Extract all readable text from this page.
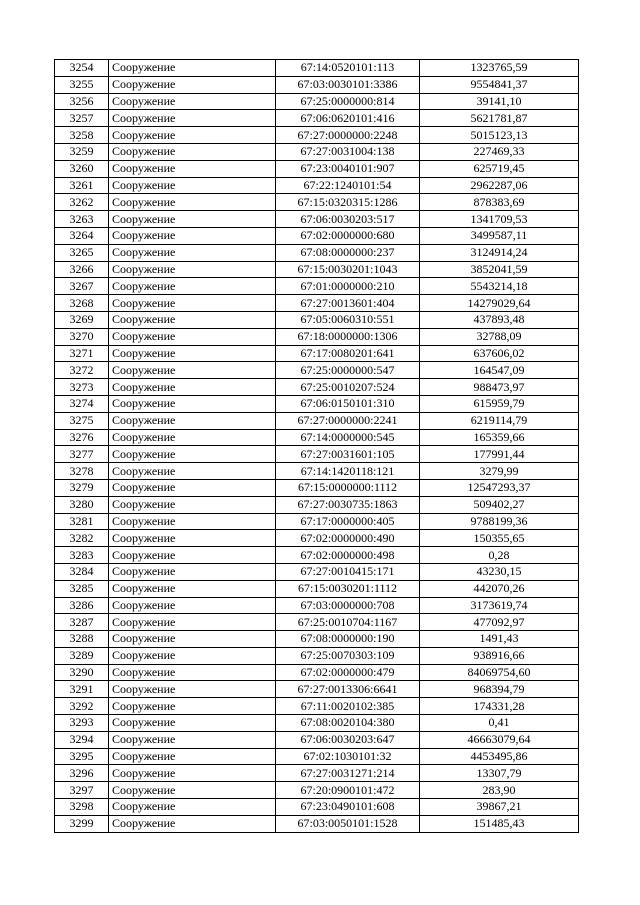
3254	Сооружение	67:14:0520101:113	1323765,59
3255	Сооружение	67:03:0030101:3386	9554841,37
3256	Сооружение	67:25:0000000:814	39141,10
3257	Сооружение	67:06:0620101:416	5621781,87
3258	Сооружение	67:27:0000000:2248	5015123,13
3259	Сооружение	67:27:0031004:138	227469,33
3260	Сооружение	67:23:0040101:907	625719,45
3261	Сооружение	67:22:1240101:54	2962287,06
3262	Сооружение	67:15:0320315:1286	878383,69
3263	Сооружение	67:06:0030203:517	1341709,53
3264	Сооружение	67:02:0000000:680	3499587,11
3265	Сооружение	67:08:0000000:237	3124914,24
3266	Сооружение	67:15:0030201:1043	3852041,59
3267	Сооружение	67:01:0000000:210	5543214,18
3268	Сооружение	67:27:0013601:404	14279029,64
3269	Сооружение	67:05:0060310:551	437893,48
3270	Сооружение	67:18:0000000:1306	32788,09
3271	Сооружение	67:17:0080201:641	637606,02
3272	Сооружение	67:25:0000000:547	164547,09
3273	Сооружение	67:25:0010207:524	988473,97
3274	Сооружение	67:06:0150101:310	615959,79
3275	Сооружение	67:27:0000000:2241	6219114,79
3276	Сооружение	67:14:0000000:545	165359,66
3277	Сооружение	67:27:0031601:105	177991,44
3278	Сооружение	67:14:1420118:121	3279,99
3279	Сооружение	67:15:0000000:1112	12547293,37
3280	Сооружение	67:27:0030735:1863	509402,27
3281	Сооружение	67:17:0000000:405	9788199,36
3282	Сооружение	67:02:0000000:490	150355,65
3283	Сооружение	67:02:0000000:498	0,28
3284	Сооружение	67:27:0010415:171	43230,15
3285	Сооружение	67:15:0030201:1112	442070,26
3286	Сооружение	67:03:0000000:708	3173619,74
3287	Сооружение	67:25:0010704:1167	477092,97
3288	Сооружение	67:08:0000000:190	1491,43
3289	Сооружение	67:25:0070303:109	938916,66
3290	Сооружение	67:02:0000000:479	84069754,60
3291	Сооружение	67:27:0013306:6641	968394,79
3292	Сооружение	67:11:0020102:385	174331,28
3293	Сооружение	67:08:0020104:380	0,41
3294	Сооружение	67:06:0030203:647	46663079,64
3295	Сооружение	67:02:1030101:32	4453495,86
3296	Сооружение	67:27:0031271:214	13307,79
3297	Сооружение	67:20:0900101:472	283,90
3298	Сооружение	67:23:0490101:608	39867,21
3299	Сооружение	67:03:0050101:1528	151485,43
